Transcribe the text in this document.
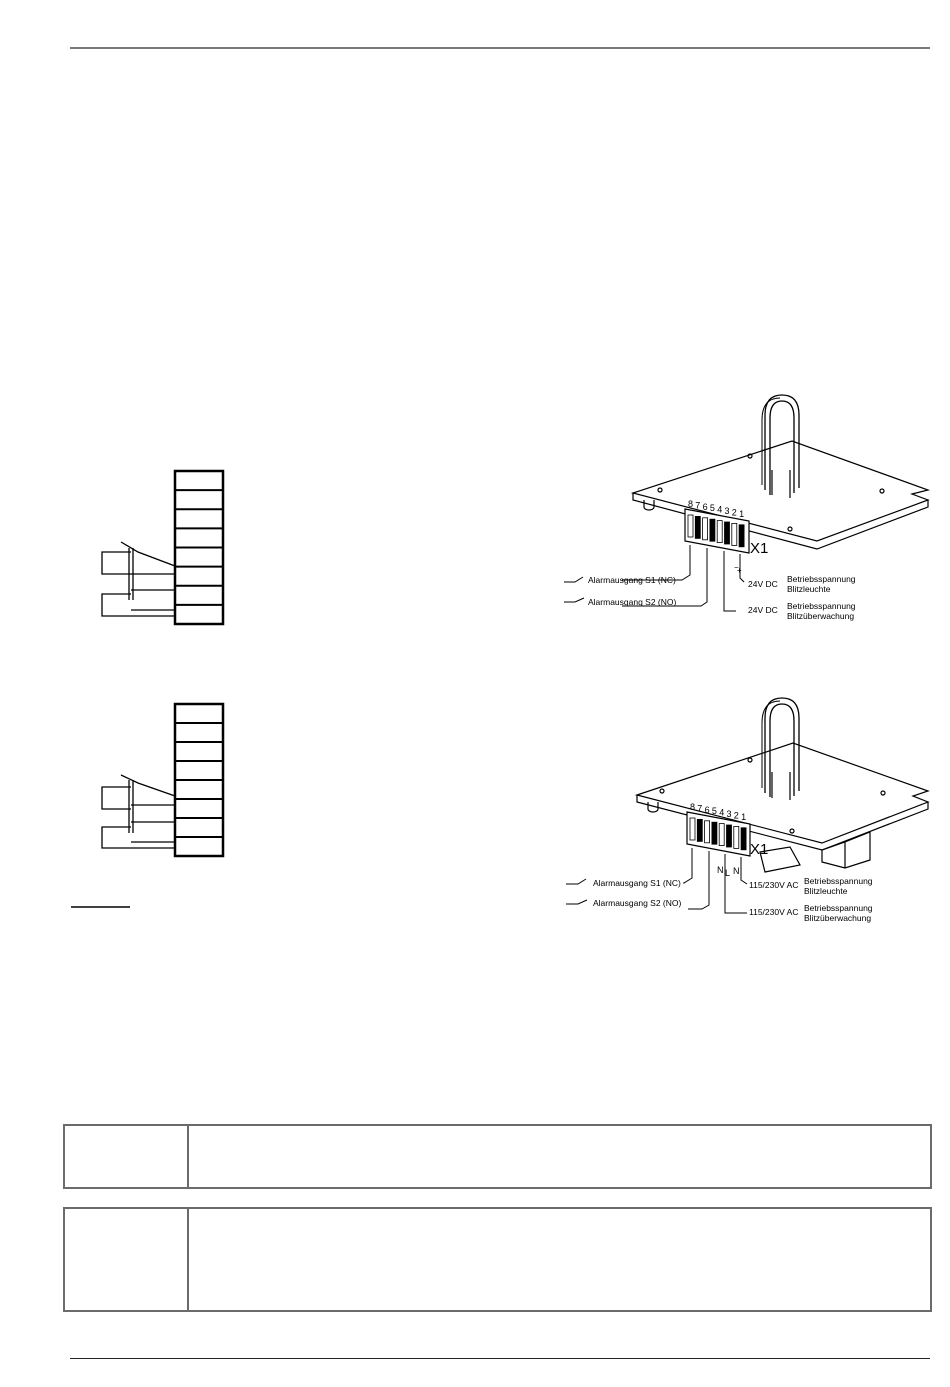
8 7 6 5 4 3 2 1
X1
Alarmausgang S1 (NC)
Alarmausgang S2 (NO)
24V DC Betriebsspannung
Blitzleuchte
24V DC Betriebsspannung
Blitzüberwachung
−
+
8 7 6 5 4 3 2 1
X1
Alarmausgang S1 (NC)
Alarmausgang S2 (NO)
115/230V AC Betriebsspannung
Blitzleuchte
115/230V AC Betriebsspannung
Blitzüberwachung
N L N
